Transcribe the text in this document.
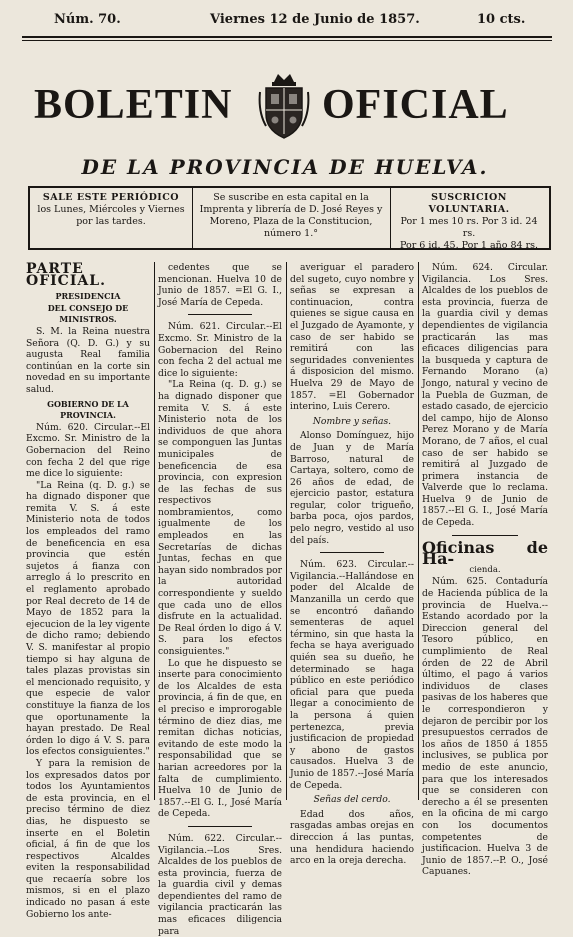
Núm. 70.	Viernes 12 de Junio de 1857.	10 cts.
BOLETIN OFICIAL
DE LA PROVINCIA DE HUELVA.
SALE ESTE PERIÓDICO
los Lunes, Miércoles y Viernes por las tardes.
Se suscribe en esta capital en la Imprenta y librería de D. José Reyes y Moreno, Plaza de la Constitucion, número 1.°
SUSCRICION VOLUNTARIA.
Por 1 mes 10 rs. Por 3 id. 24 rs.
Por 6 id. 45. Por 1 año 84 rs.

PARTE OFICIAL.

PRESIDENCIA

DEL CONSEJO DE MINISTROS.

S. M. la Reina nuestra Señora (Q. D. G.) y su augusta Real familia continúan en la corte sin novedad en su importante salud.

GOBIERNO DE LA PROVINCIA.

Núm. 620. Circular.--El Excmo. Sr. Ministro de la Gobernacion del Reino con fecha 2 del que rige me dice lo siguiente:

"La Reina (q. D. g.) se ha dignado disponer que remita V. S. á este Ministerio nota de todos los empleados del ramo de beneficencia en esa provincia que estén sujetos á fianza con arreglo á lo prescrito en el reglamento aprobado por Real decreto de 14 de Mayo de 1852 para la ejecucion de la ley vigente de dicho ramo; debiendo V. S. manifestar al propio tiempo si hay alguna de tales plazas provistas sin el mencionado requisito, y que especie de valor constituye la fianza de los que oportunamente la hayan prestado. De Real órden lo digo á V. S. para los efectos consiguientes."

Y para la remision de los expresados datos por todos los Ayuntamientos de esta provincia, en el preciso término de diez dias, he dispuesto se inserte en el Boletin oficial, á fin de que los respectivos Alcaldes eviten la responsabilidad que recaería sobre los mismos, si en el plazo indicado no pasan á este Gobierno los ante-

cedentes que se mencionan. Huelva 10 de Junio de 1857. =El G. I., José María de Cepeda.

Núm. 621. Circular.--El Excmo. Sr. Ministro de la Gobernacion del Reino con fecha 2 del actual me dice lo siguiente:

"La Reina (q. D. g.) se ha dignado disponer que remita V. S. á este Ministerio nota de los individuos de que ahora se componguen las Juntas municipales de beneficencia de esa provincia, con expresion de las fechas de sus respectivos nombramientos, como igualmente de los empleados en las Secretarías de dichas Juntas, fechas en que hayan sido nombrados por la autoridad correspondiente y sueldo que cada uno de ellos disfrute en la actualidad. De Real órden lo digo á V. S. para los efectos consiguientes."

Lo que he dispuesto se inserte para conocimiento de los Alcaldes de esta provincia, á fin de que, en el preciso e improrogable término de diez dias, me remitan dichas noticias, evitando de este modo la responsabilidad que se harian acreedores por la falta de cumplimiento. Huelva 10 de Junio de 1857.--El G. I., José María de Cepeda.

Núm. 622. Circular.--Vigilancia.--Los Sres. Alcaldes de los pueblos de esta provincia, fuerza de la guardia civil y demas dependientes del ramo de vigilancia practicarán las mas eficaces diligencia para

averiguar el paradero del sugeto, cuyo nombre y señas se expresan a continuacion, contra quienes se sigue causa en el Juzgado de Ayamonte, y caso de ser habido se remitirá con las seguridades convenientes á disposicion del mismo. Huelva 29 de Mayo de 1857. =El Gobernador interino, Luis Cerero.

Nombre y señas.

Alonso Domínguez, hijo de Juan y de María Barroso, natural de Cartaya, soltero, como de 26 años de edad, de ejercicio pastor, estatura regular, color trigueño, barba poca, ojos pardos, pelo negro, vestido al uso del país.

Núm. 623. Circular.--Vigilancia.--Hallándose en poder del Alcalde de Manzanilla un cerdo que se encontró dañando sementeras de aquel término, sin que hasta la fecha se haya averiguado quién sea su dueño, he determinado se haga público en este periódico oficial para que pueda llegar a conocimiento de la persona á quien pertenezca, previa justificacion de propiedad y abono de gastos causados. Huelva 3 de Junio de 1857.--José María de Cepeda.

Señas del cerdo.

Edad dos años, rasgadas ambas orejas en direccion á las puntas, una hendidura haciendo arco en la oreja derecha.

Núm. 624. Circular. Vigilancia. Los Sres. Alcaldes de los pueblos de esta provincia, fuerza de la guardia civil y demas dependientes de vigilancia practicarán las mas eficaces diligencias para la busqueda y captura de Fernando Morano (a) Jongo, natural y vecino de la Puebla de Guzman, de estado casado, de ejercicio del campo, hijo de Alonso Perez Morano y de María Morano, de 7 años, el cual caso de ser habido se remitirá al Juzgado de primera instancia de Valverde que lo reclama. Huelva 9 de Junio de 1857.--El G. I., José María de Cepeda.

Oficinas de Ha-

cienda.

Núm. 625. Contaduría de Hacienda pública de la provincia de Huelva.--Estando acordado por la Direccion general del Tesoro público, en cumplimiento de Real órden de 22 de Abril último, el pago á varios individuos de clases pasivas de los haberes que le correspondieron y dejaron de percibir por los presupuestos cerrados de los años de 1850 á 1855 inclusives, se publica por medio de este anuncio, para que los interesados que se consideren con derecho a él se presenten en la oficina de mi cargo con los documentos competentes de justificacion. Huelva 3 de Junio de 1857.--P. O., José Capuanes.
